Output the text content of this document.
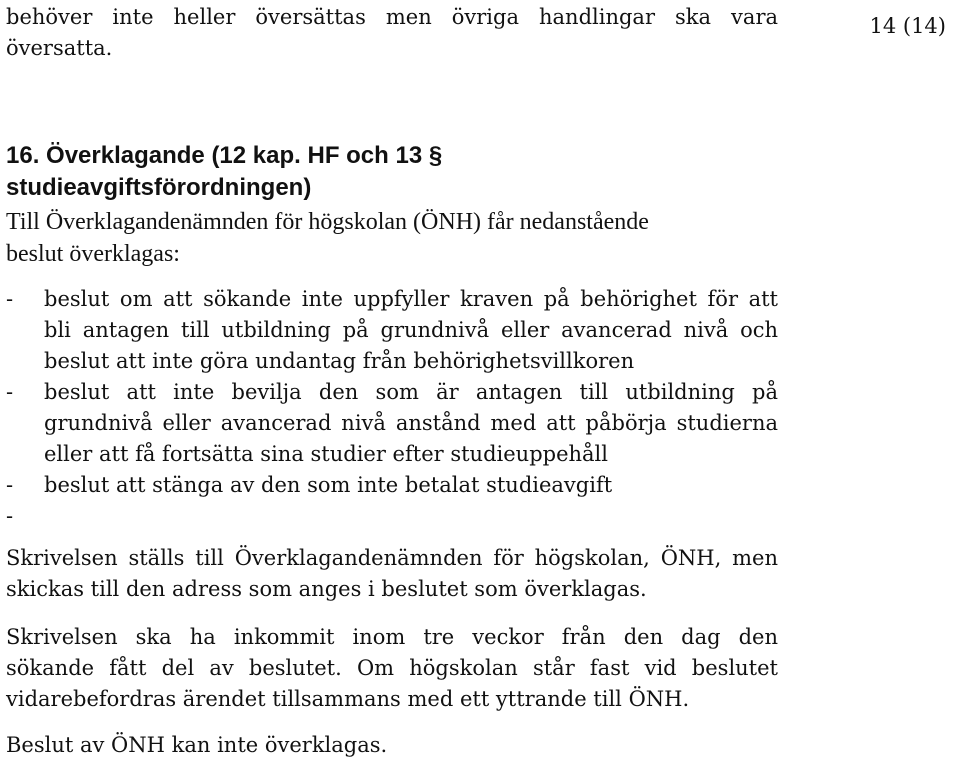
14 (14)
behöver inte heller översättas men övriga handlingar ska vara
översatta.
16. Överklagande (12 kap. HF och 13 §
studieavgiftsförordningen)
Till Överklagandenämnden för högskolan (ÖNH) får nedanstående
beslut överklagas:
- beslut om att sökande inte uppfyller kraven på behörighet för att
bli antagen till utbildning på grundnivå eller avancerad nivå och
beslut att inte göra undantag från behörighetsvillkoren
- beslut att inte bevilja den som är antagen till utbildning på
grundnivå eller avancerad nivå anstånd med att påbörja studierna
eller att få fortsätta sina studier efter studieuppehåll
- beslut att stänga av den som inte betalat studieavgift
-
Skrivelsen ställs till Överklagandenämnden för högskolan, ÖNH, men
skickas till den adress som anges i beslutet som överklagas.
Skrivelsen ska ha inkommit inom tre veckor från den dag den
sökande fått del av beslutet. Om högskolan står fast vid beslutet
vidarebefordras ärendet tillsammans med ett yttrande till ÖNH.
Beslut av ÖNH kan inte överklagas.
